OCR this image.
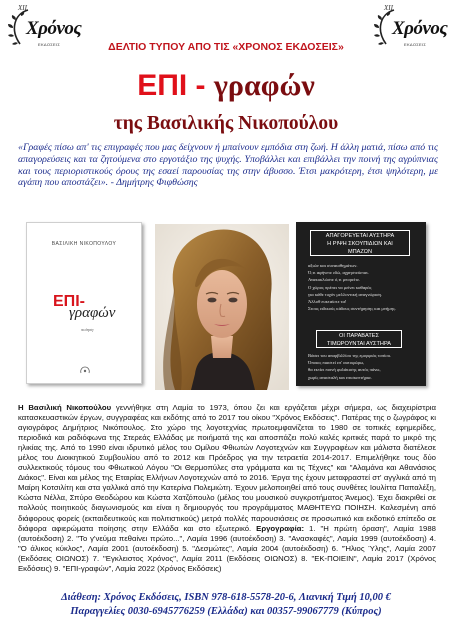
XII
Χρόνος
ΕΚΔΟΣΕΙΣ
XII
Χρόνος
ΕΚΔΟΣΕΙΣ
ΔΕΛΤΙΟ ΤΥΠΟΥ ΑΠΟ ΤΙΣ «ΧΡΟΝΟΣ ΕΚΔΟΣΕΙΣ»
ΕΠΙ - γραφών
της Βασιλικής Νικοπούλου

«Γραφές πίσω απ' τις επιγραφές που μας δείχνουν ή μπαίνουν εμπόδια στη ζωή. Η άλλη ματιά, πίσω από τις απαγορεύσεις και τα ζητούμενα στο εργοτάξιο της ψυχής. Υποβάλλει και επιβάλλει την ποινή της αγρύπνιας και τους περιοριστικούς όρους της εσαεί παρουσίας της στην άβυσσο. Έτσι μακρότερη, έτσι ψηλότερη, με αγάπη που αποστάζει». - Δημήτρης Φιφθώσης

ΒΑΣΙΛΙΚΗ ΝΙΚΟΠΟΥΛΟΥ
ΕΠΙ-
γραφών
ποίηση
ΑΠΑΓΟΡΕΥΕΤΑΙ ΑΥΣΤΗΡΑ
Η ΡΙΨΗ ΣΚΟΥΠΙΔΙΩΝ ΚΑΙ
ΜΠΑΖΩΝ
αξιών και συναισθημάτων.
Ό,τι αφήνετε εδώ, αχρηστεύεται.
Ανακυκλώστε ό,τι μπορείτε.
Ο χώρος πρέπει να μείνει καθαρός
για κάθε τυχόν μελλοντική αναγνώριση.
Άλλοθ ευκταίοτε τα!
Στους ειδικούς κάδους συντήρησης και μνήμης.
ΟΙ ΠΑΡΑΒΑΤΕΣ
ΤΙΜΩΡΟΥΝΤΑΙ ΑΥΣΤΗΡΑ
Βάσει του απαρβιλλίου της εμορφιάς τοπίου.
Όποιος πιαστεί επ' αυτοφώρω,
θα εκτίει ποινή φυλάκισης αυτός πάνω,
χωρίς ανασταλή και επισκεπτήρια.

Η Βασιλική Νικοπούλου γεννήθηκε στη Λαμία το 1973, όπου ζει και εργάζεται μέχρι σήμερα, ως διαχειρίστρια κατασκευαστικών έργων, συγγραφέας και εκδότης από το 2017 του οίκου "Χρόνος Εκδόσεις". Πατέρας της ο ζωγράφος κι αγιογράφος Δημήτριος Νικόπουλος. Στο χώρο της λογοτεχνίας πρωτοεμφανίζεται το 1980 σε τοπικές εφημερίδες, περιοδικά και ραδιόφωνα της Στερεάς Ελλάδας με ποιήματά της και αποσπάζει πολύ καλές κριτικές παρά το μικρό της ηλικίας της. Από το 1990 είναι ιδρυτικό μέλος του Ομίλου Φθιωτών Λογοτεχνών και Συγγραφέων και μάλιστα διατέλεσε μέλος του Διοικητικού Συμβουλίου από το 2012 και Πρόεδρος για την τετραετία 2014-2017. Επιμελήθηκε τους δύο συλλεκτικούς τόμους του Φθιωτικού Λόγου "Οι Θερμοπύλες στα γράμματα και τις Τέχνες" και "Αλαμάνα και Αθανάσιος Διάκος". Είναι και μέλος της Εταιρίας Ελλήνων Λογοτεχνών από το 2016. Έργα της έχουν μεταφραστεί στ' αγγλικά από τη Μαίρη Κοτσιλίτη και στα γαλλικά από την Κατερίνα Πολεμιώτη. Έχουν μελοποιηθεί από τους συνθέτες Ιουλίττα Παπαλέξη, Κώστα Νέλλα, Σπύρο Θεοδώρου και Κώστα Χατζόπουλο (μέλος του μουσικού συγκροτήματος Άνεμος). Έχει διακριθεί σε πολλούς ποιητικούς διαγωνισμούς και είναι η δημιουργός του προγράμματος ΜΑΘΗΤΕΥΩ ΠΟΙΗΣΗ. Καλεσμένη από διάφορους φορείς (εκπαιδευτικούς και πολιτιστικούς) μετρά πολλές παρουσιάσεις σε προσωπικό και εκδοτικό επίπεδο σε διάφορα αφιερώματα ποίησης στην Ελλάδα και στο εξωτερικό. Εργογραφία: 1. "Η πρώτη όραση", Λαμία 1988 (αυτοέκδοση) 2. "Το γ'νεύμα πεθαίνει πρώτο...", Λαμία 1996 (αυτοέκδοση) 3. "Ανασκαφές", Λαμία 1999 (αυτοέκδοση) 4. "Ο άλικος κύκλος", Λαμία 2001 (αυτοέκδοση) 5. "Δεσμώτες", Λαμία 2004 (αυτοέκδοση) 6. "Ήλιος Ύλης", Λαμία 2007 (Εκδόσεις ΟΙΩΝΟΣ) 7. "Εγκλειστος Χρόνος", Λαμία 2011 (Εκδόσεις ΟΙΩΝΟΣ) 8. "ΕΚ-ΠΟΙΕΙΝ", Λαμία 2017 (Χρόνος Εκδόσεις) 9. "ΕΠΙ-γραφών", Λαμία 2022 (Χρόνος Εκδόσεις)

Διάθεση: Χρόνος Εκδόσεις, ISBN 978-618-5578-20-6, Λιανική Τιμή 10,00 €
Παραγγελίες 0030-6945776259 (Ελλάδα) και 00357-99067779 (Κύπρος)
